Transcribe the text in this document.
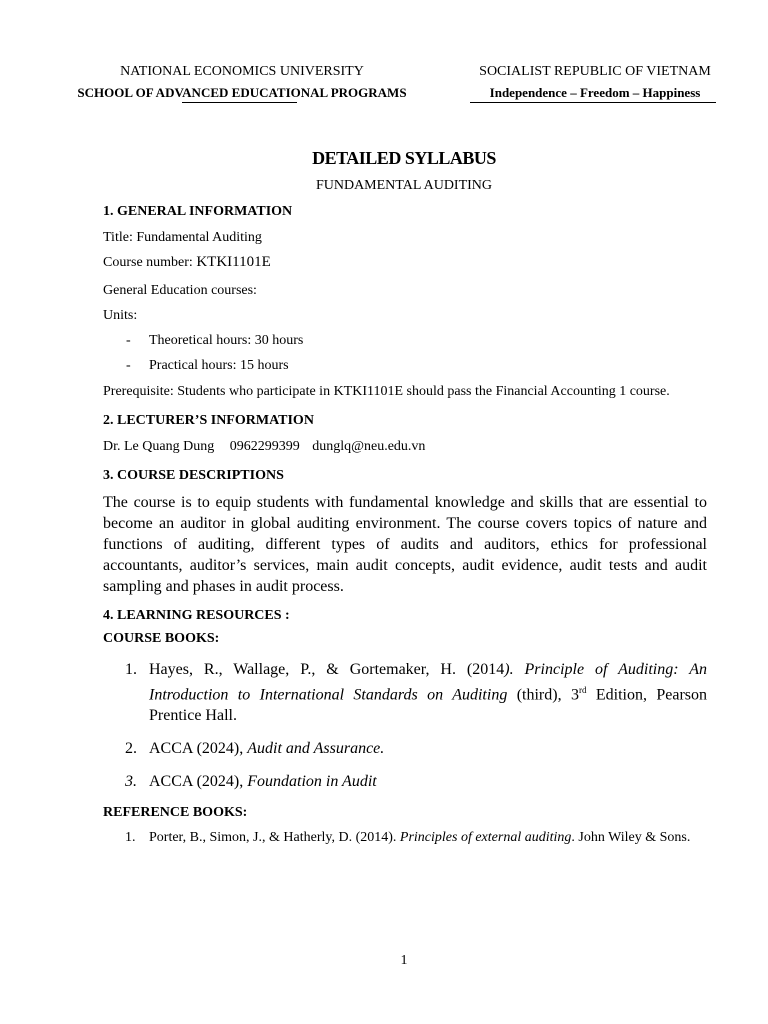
NATIONAL ECONOMICS UNIVERSITY
SCHOOL OF ADVANCED EDUCATIONAL PROGRAMS
SOCIALIST REPUBLIC OF VIETNAM
Independence – Freedom – Happiness
DETAILED SYLLABUS
FUNDAMENTAL AUDITING
1. GENERAL INFORMATION
Title: Fundamental Auditing
Course number: KTKI1101E
General Education courses:
Units:
- Theoretical hours: 30 hours
- Practical hours: 15 hours
Prerequisite: Students who participate in KTKI1101E should pass the Financial Accounting 1 course.
2. LECTURER’S INFORMATION
Dr. Le Quang Dung 0962299399 dunglq@neu.edu.vn
3. COURSE DESCRIPTIONS
The course is to equip students with fundamental knowledge and skills that are essential to become an auditor in global auditing environment. The course covers topics of nature and functions of auditing, different types of audits and auditors, ethics for professional accountants, auditor’s services, main audit concepts, audit evidence, audit tests and audit sampling and phases in audit process.
4. LEARNING RESOURCES :
COURSE BOOKS:
1. Hayes, R., Wallage, P., & Gortemaker, H. (2014). Principle of Auditing: An Introduction to International Standards on Auditing (third), 3rd Edition, Pearson Prentice Hall.
2. ACCA (2024), Audit and Assurance.
3. ACCA (2024), Foundation in Audit
REFERENCE BOOKS:
1. Porter, B., Simon, J., & Hatherly, D. (2014). Principles of external auditing. John Wiley & Sons.
1
